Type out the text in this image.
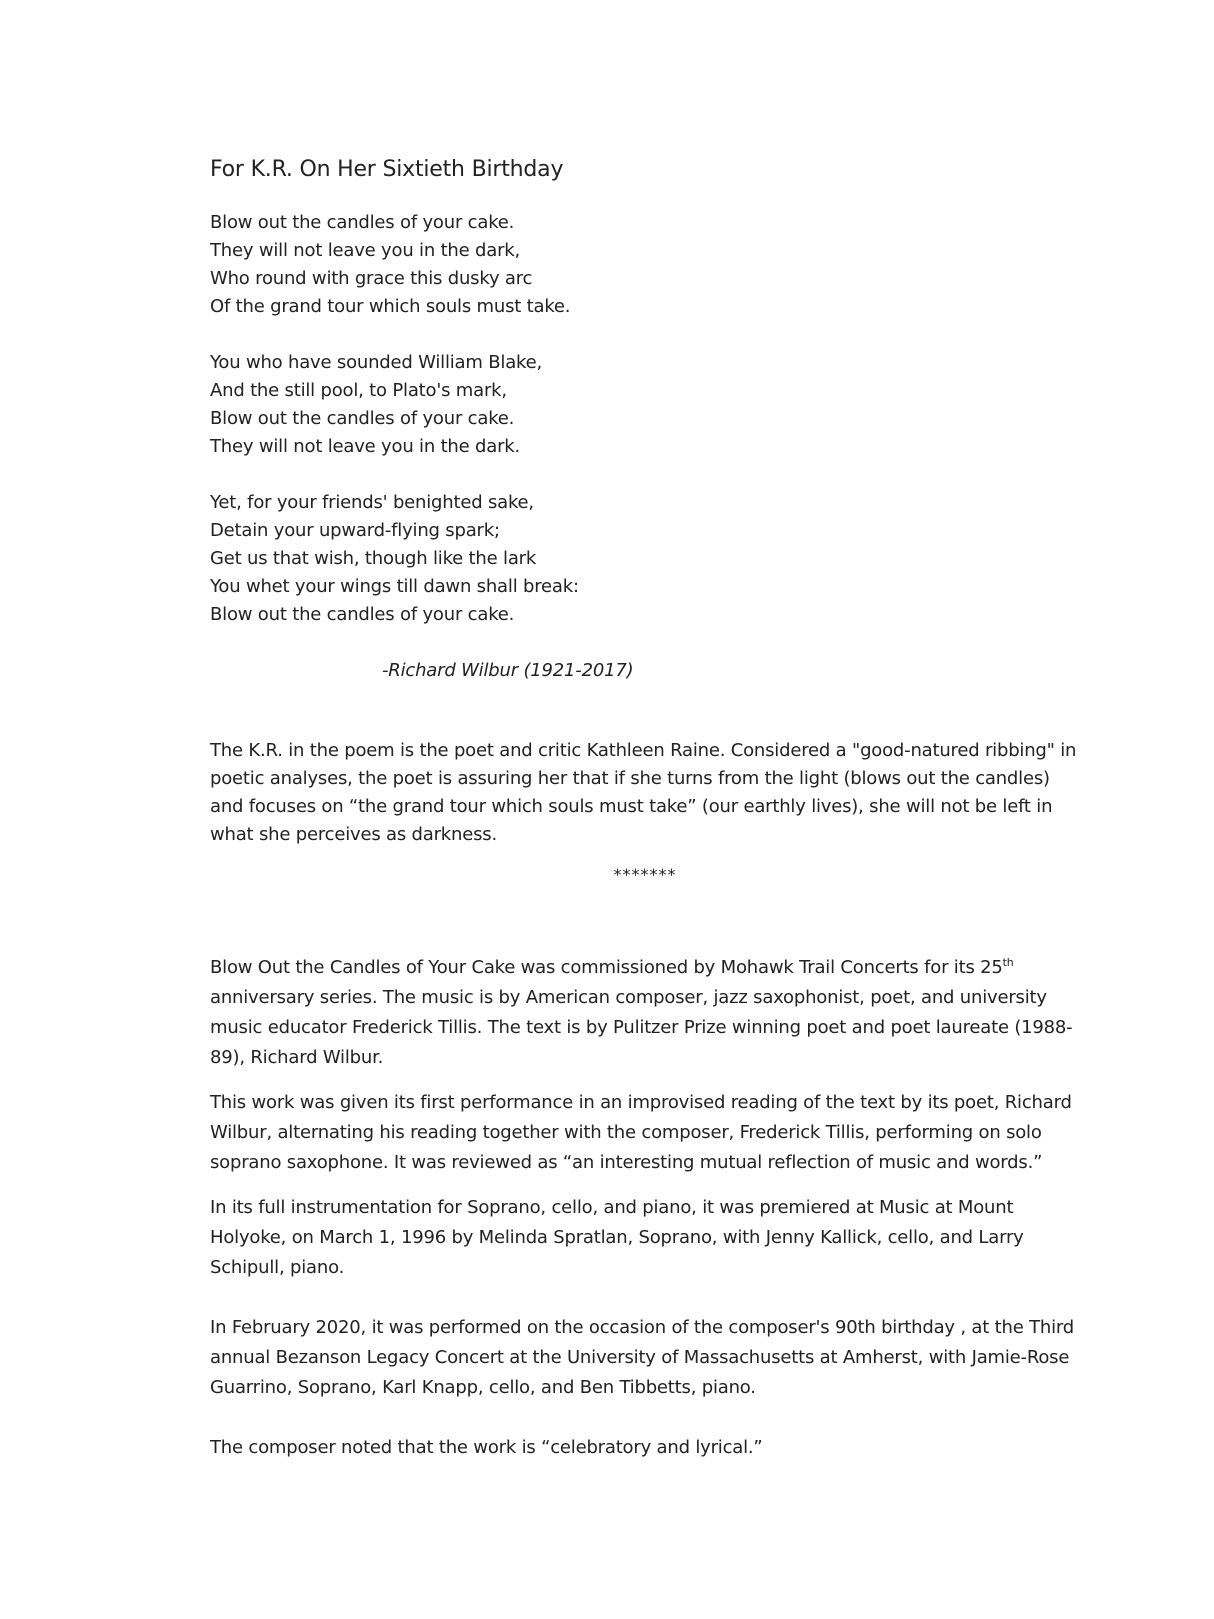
For K.R. On Her Sixtieth Birthday
Blow out the candles of your cake.
They will not leave you in the dark,
Who round with grace this dusky arc
Of the grand tour which souls must take.
You who have sounded William Blake,
And the still pool, to Plato's mark,
Blow out the candles of your cake.
They will not leave you in the dark.
Yet, for your friends' benighted sake,
Detain your upward-flying spark;
Get us that wish, though like the lark
You whet your wings till dawn shall break:
Blow out the candles of your cake.
-Richard Wilbur (1921-2017)

The K.R. in the poem is the poet and critic Kathleen Raine. Considered a "good-natured ribbing" in poetic analyses, the poet is assuring her that if she turns from the light (blows out the candles) and focuses on “the grand tour which souls must take” (our earthly lives), she will not be left in what she perceives as darkness.

*******

Blow Out the Candles of Your Cake was commissioned by Mohawk Trail Concerts for its 25th anniversary series. The music is by American composer, jazz saxophonist, poet, and university music educator Frederick Tillis. The text is by Pulitzer Prize winning poet and poet laureate (1988-89), Richard Wilbur.

This work was given its first performance in an improvised reading of the text by its poet, Richard Wilbur, alternating his reading together with the composer, Frederick Tillis, performing on solo soprano saxophone. It was reviewed as “an interesting mutual reflection of music and words.”

In its full instrumentation for Soprano, cello, and piano, it was premiered at Music at Mount Holyoke, on March 1, 1996 by Melinda Spratlan, Soprano, with Jenny Kallick, cello, and Larry Schipull, piano.

In February 2020, it was performed on the occasion of the composer's 90th birthday , at the Third annual Bezanson Legacy Concert at the University of Massachusetts at Amherst, with Jamie-Rose Guarrino, Soprano, Karl Knapp, cello, and Ben Tibbetts, piano.

The composer noted that the work is “celebratory and lyrical.”
